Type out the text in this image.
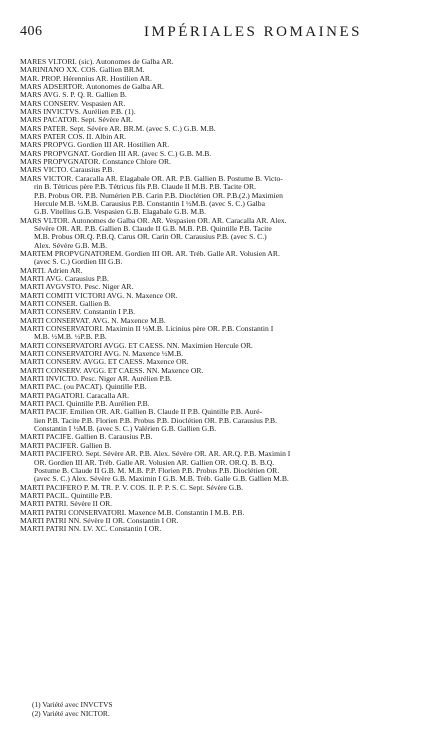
406	IMPÉRIALES ROMAINES
MARES VLTORI. (sic). Autonomes de Galba AR.
MARINIANO XX. COS. Gallien BR.M.
MAR. PROP. Hérennius AR. Hostilien AR.
MARS ADSERTOR. Autonomes de Galba AR.
MARS AVG. S. P. Q. R. Gallien B.
MARS CONSERV. Vespasien AR.
MARS INVICTVS. Aurélien P.B. (1).
MARS PACATOR. Sept. Sévère AR.
MARS PATER. Sept. Sévère AR. BR.M. (avec S. C.) G.B. M.B.
MARS PATER COS. II. Albin AR.
MARS PROPVG. Gordien III AR. Hostilien AR.
MARS PROPVGNAT. Gordien III AR. (avec S. C.) G.B. M.B.
MARS PROPVGNATOR. Constance Chlore OR.
MARS VICTO. Carausius P.B.
MARS VICTOR. Caracalla AR. Elagabale OR. AR. P.B. Gallien B. Postume B. Victo-
rin B. Tétricus père P.B. Tétricus fils P.B. Claude II M.B. P.B. Tacite OR.
P.B. Probus OR. P.B. Numérien P.B. Carin P.B. Dioclétien OR. P.B.(2.) Maximien
Hercule M.B. ½M.B. Carausius P.B. Constantin I ½M.B. (avec S. C.) Galba
G.B. Vitellius G.B. Vespasien G.B. Elagabale G.B. M.B.
MARS VLTOR. Autonomes de Galba OR. AR. Vespasien OR. AR. Caracalla AR. Alex.
Sévère OR. AR. P.B. Gallien B. Claude II G.B. M.B. P.B. Quintille P.B. Tacite
M.B. Probus OR.Q. P.B.Q. Carus OR. Carin OR. Carausius P.B. (avec S. C.)
Alex. Sévère G.B. M.B.
MARTEM PROPVGNATOREM. Gordien III OR. AR. Tréb. Galle AR. Volusien AR.
(avec S. C.) Gordien III G.B.
MARTI. Adrien AR.
MARTI AVG. Carausius P.B.
MARTI AVGVSTO. Pesc. Niger AR.
MARTI COMITI VICTORI AVG. N. Maxence OR.
MARTI CONSER. Gallien B.
MARTI CONSERV. Constantin I P.B.
MARTI CONSERVAT. AVG. N. Maxence M.B.
MARTI CONSERVATORI. Maximin II ½M.B. Licinius père OR. P.B. Constantin I
M.B. ½M.B. ½P.B. P.B.
MARTI CONSERVATORI AVGG. ET CAESS. NN. Maximien Hercule OR.
MARTI CONSERVATORI AVG. N. Maxence ½M.B.
MARTI CONSERV. AVGG. ET CAESS. Maxence OR.
MARTI CONSERV. AVGG. ET CAESS. NN. Maxence OR.
MARTI INVICTO. Pesc. Niger AR. Aurélien P.B.
MARTI PAC. (ou PACAT). Quintille P.B.
MARTI PAGATORI. Caracalla AR.
MARTI PACI. Quintille P.B. Aurélien P.B.
MARTI PACIF. Emilien OR. AR. Gallien B. Claude II P.B. Quintille P.B. Auré-
lien P.B. Tacite P.B. Florien P.B. Probus P.B. Dioclétien OR. P.B. Carausius P.B.
Constantin I ½M.B. (avec S. C.) Valérien G.B. Gallien G.B.
MARTI PACIFE. Gallien B. Carausius P.B.
MARTI PACIFER. Gallien B.
MARTI PACIFERO. Sept. Sévère AR. P.B. Alex. Sévère OR. AR. AR.Q. P.B. Maximin I
OR. Gordien III AR. Tréb. Galle AR. Volusien AR. Gallien OR. OR.Q. B. B.Q.
Postume B. Claude II G.B. M. M.B. P.P. Florien P.B. Probus P.B. Dioclétien OR.
(avec S. C.) Alex. Sévère G.B. Maximin I G.B. M.B. Tréb. Galle G.B. Gallien M.B.
MARTI PACIFERO P. M. TR. P. V. COS. II. P. P. S. C. Sept. Sévère G.B.
MARTI PACIL. Quintille P.B.
MARTI PATRI. Sévère II OR.
MARTI PATRI CONSERVATORI. Maxence M.B. Constantin I M.B. P.B.
MARTI PATRI NN. Sévère II OR. Constantin I OR.
MARTI PATRI NN. LV. XC. Constantin I OR.
(1) Variété avec INVCTVS
(2) Variété avec NICTOR.
